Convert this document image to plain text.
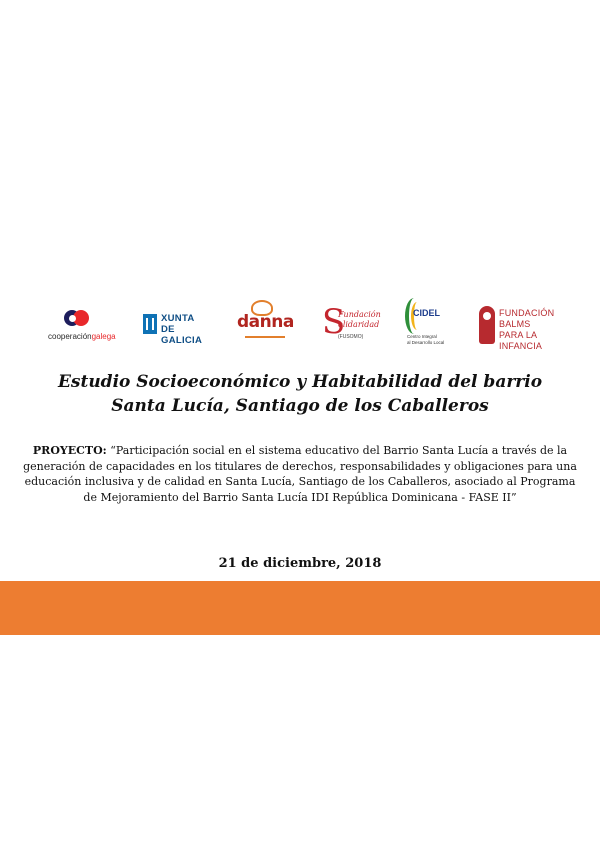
cooperacióngalega
XUNTA
DE GALICIA
danna S
Fundación
olidaridad
(FUSOMO)
CIDEL
Centro Integral
al Desarrollo Local
FUNDACIÓN BALMS
PARA LA INFANCIA
Estudio Socioeconómico y Habitabilidad del barrio
Santa Lucía, Santiago de los Caballeros
PROYECTO: “Participación social en el sistema educativo del Barrio Santa Lucía a través de la generación de capacidades en los titulares de derechos, responsabilidades y obligaciones para una educación inclusiva y de calidad en Santa Lucía, Santiago de los Caballeros, asociado al Programa de Mejoramiento del Barrio Santa Lucía IDI República Dominicana - FASE II”
21 de diciembre, 2018
